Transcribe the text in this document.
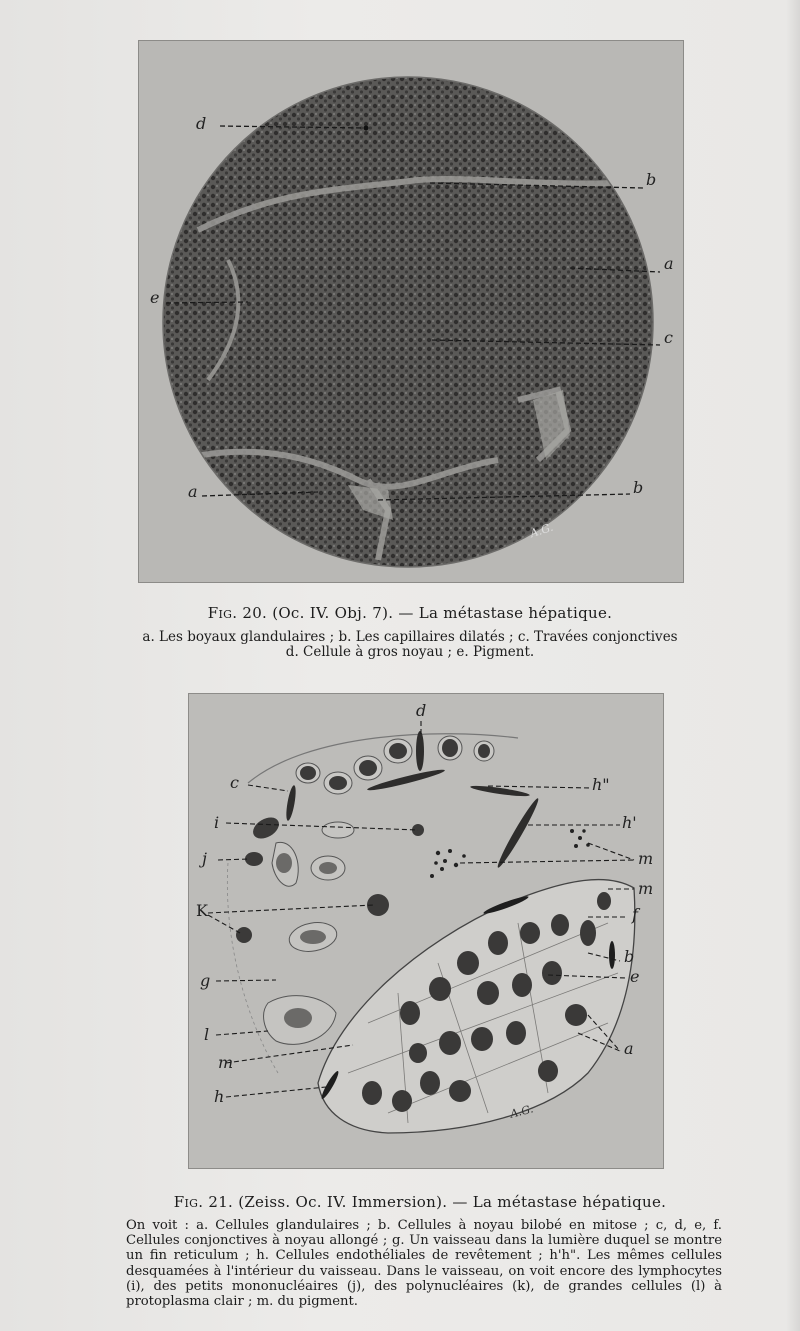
d
b
a
e
c
a	b
A.G.
Fig. 20. (Oc. IV. Obj. 7). — La métastase hépatique.
a. Les boyaux glandulaires ; b. Les capillaires dilatés ; c. Travées conjonctives
d. Cellule à gros noyau ; e. Pigment.
d
c
i
j
K
g
l
m
h
h"
h'
m
m
f
b
e
a
A.G.
Fig. 21. (Zeiss. Oc. IV. Immersion). — La métastase hépatique.
On voit : a. Cellules glandulaires ; b. Cellules à noyau bilobé en mitose ; c, d, e, f. Cellules conjonctives à noyau allongé ; g. Un vaisseau dans la lumière duquel se montre un fin reticulum ; h. Cellules endothéliales de revêtement ; h'h". Les mêmes cellules desquamées à l'intérieur du vaisseau. Dans le vaisseau, on voit encore des lymphocytes (i), des petits mononucléaires (j), des polynucléaires (k), de grandes cellules (l) à protoplasma clair ; m. du pigment.
